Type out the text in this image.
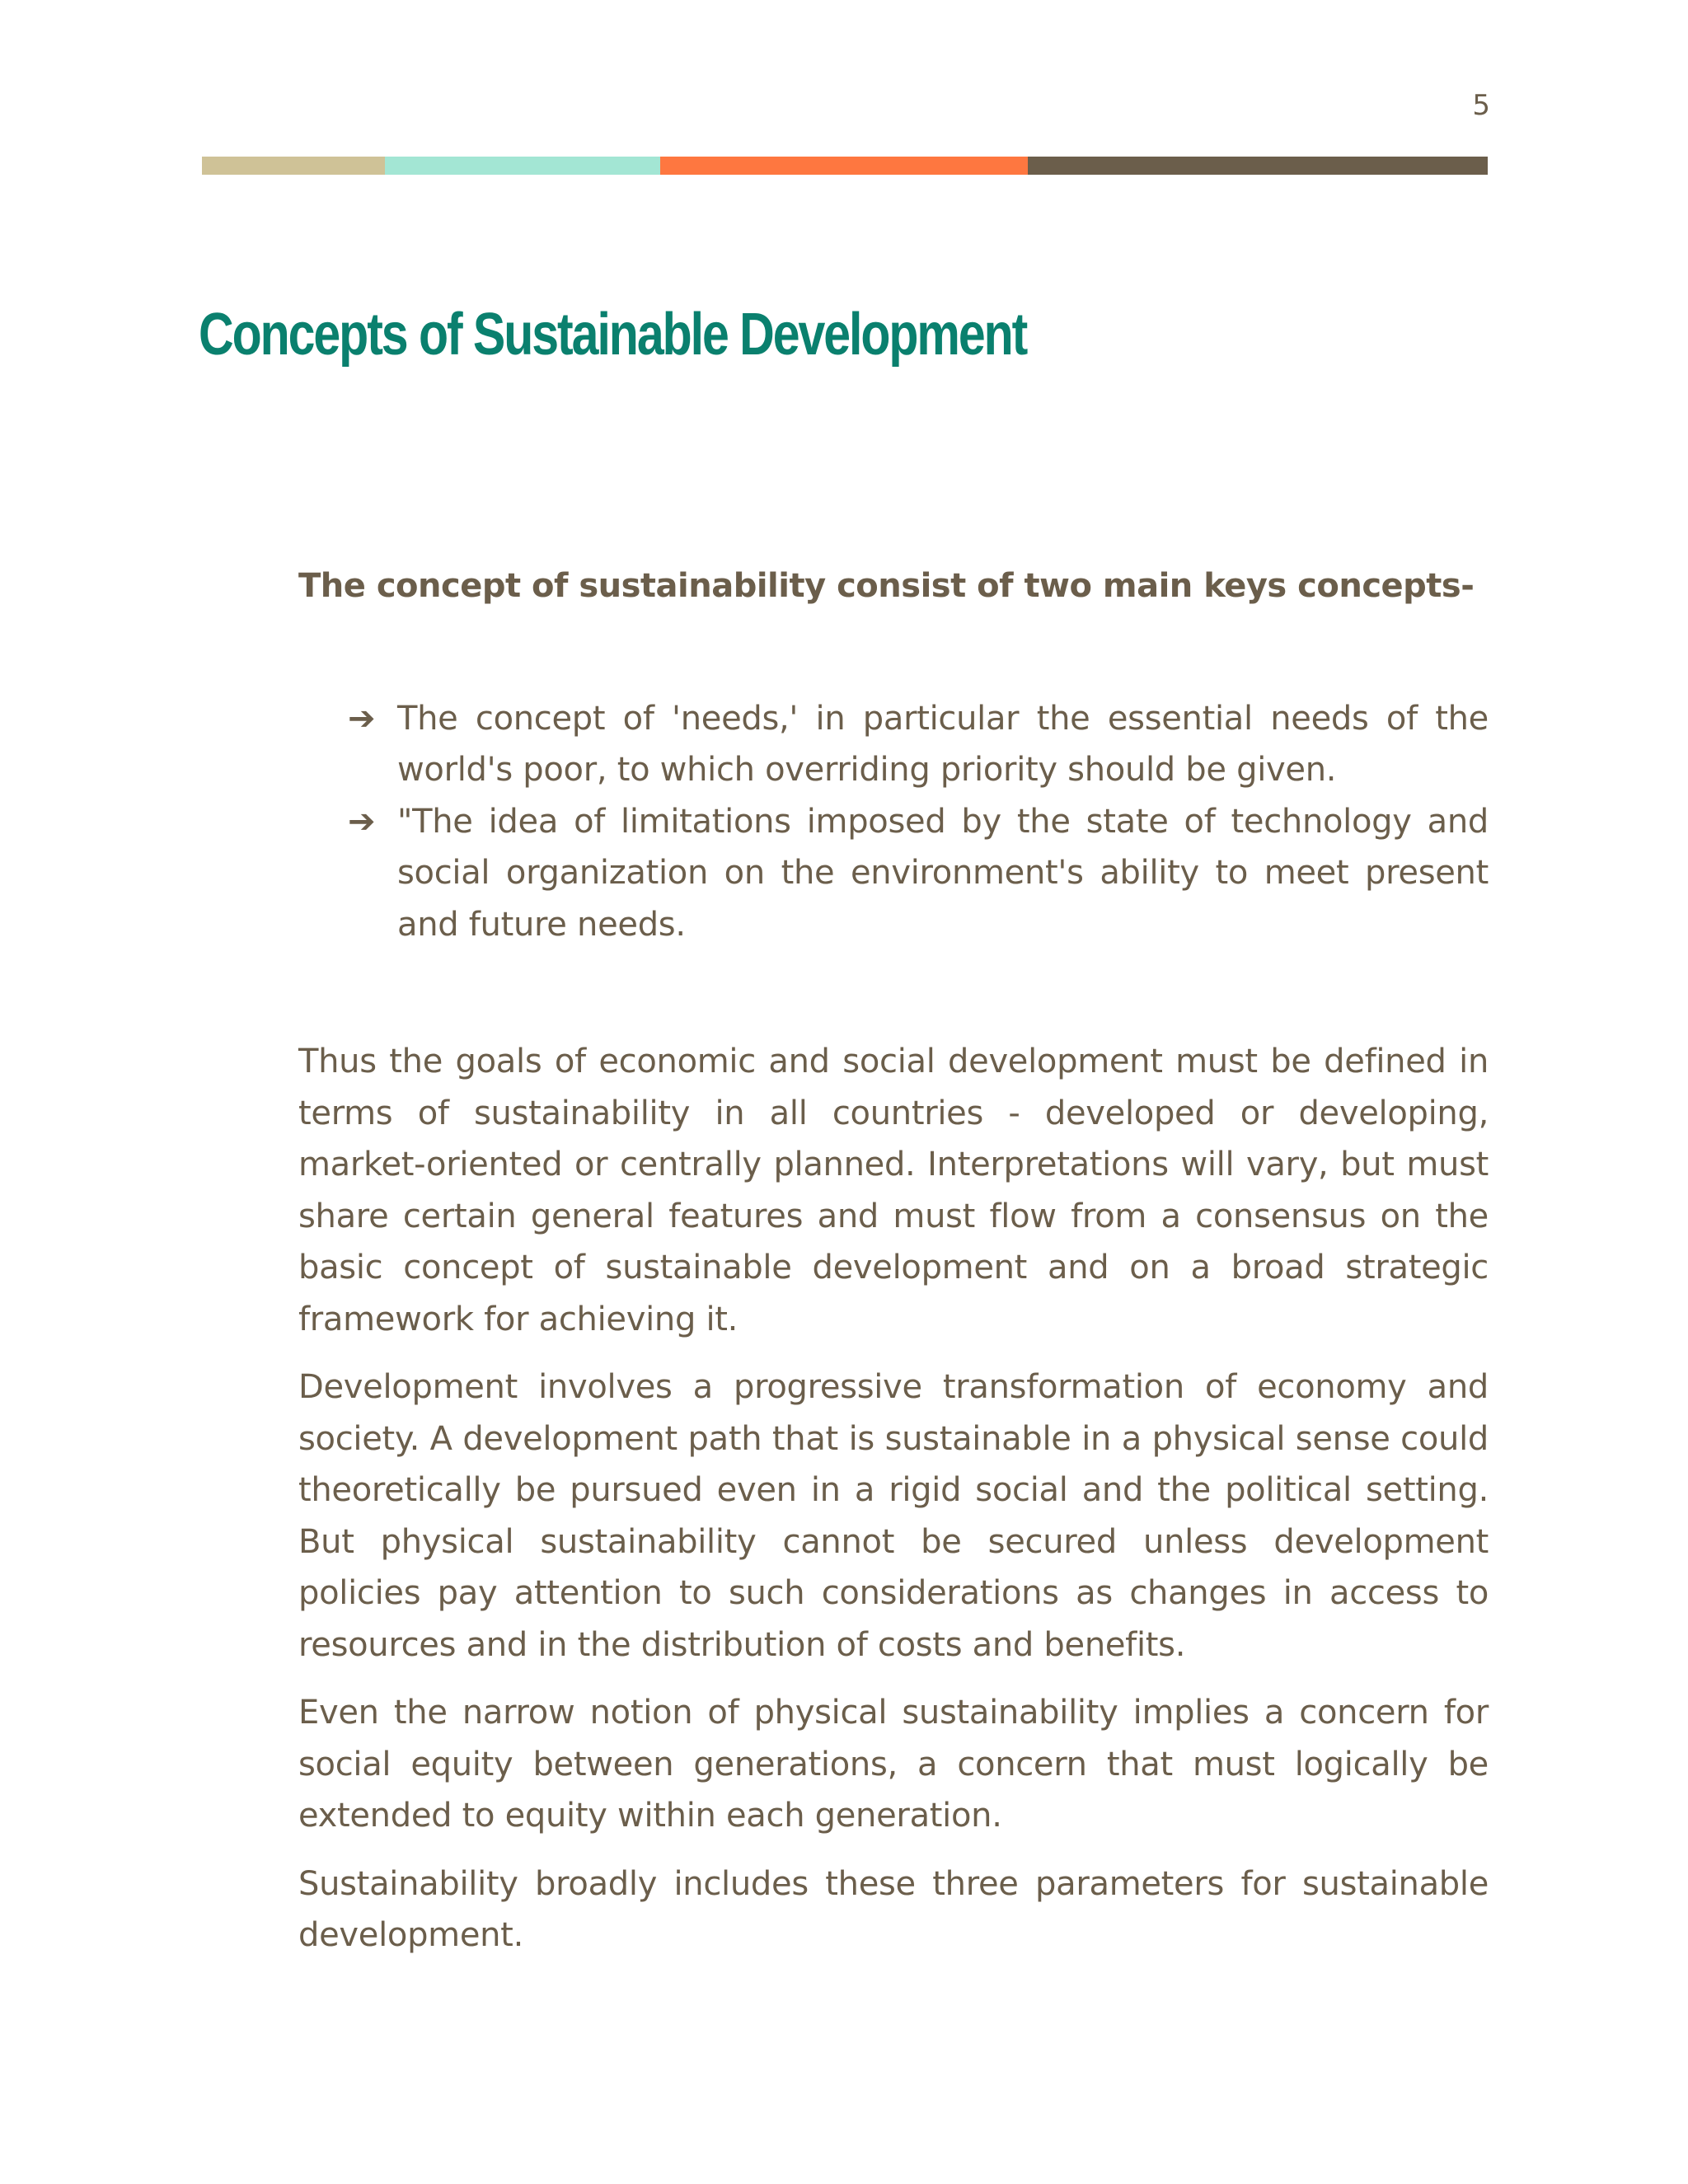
5
Concepts of Sustainable Development

The concept of sustainability consist of two main keys concepts-

➔ The concept of 'needs,' in particular the essential needs of the world's poor, to which overriding priority should be given.
➔ "The idea of limitations imposed by the state of technology and social organization on the environment's ability to meet present and future needs.

Thus the goals of economic and social development must be defined in terms of sustainability in all countries - developed or developing, market-oriented or centrally planned. Interpretations will vary, but must share certain general features and must flow from a consensus on the basic concept of sustainable development and on a broad strategic framework for achieving it.

Development involves a progressive transformation of economy and society. A development path that is sustainable in a physical sense could theoretically be pursued even in a rigid social and the political setting. But physical sustainability cannot be secured unless development policies pay attention to such considerations as changes in access to resources and in the distribution of costs and benefits.

Even the narrow notion of physical sustainability implies a concern for social equity between generations, a concern that must logically be extended to equity within each generation.

Sustainability broadly includes these three parameters for sustainable development.
